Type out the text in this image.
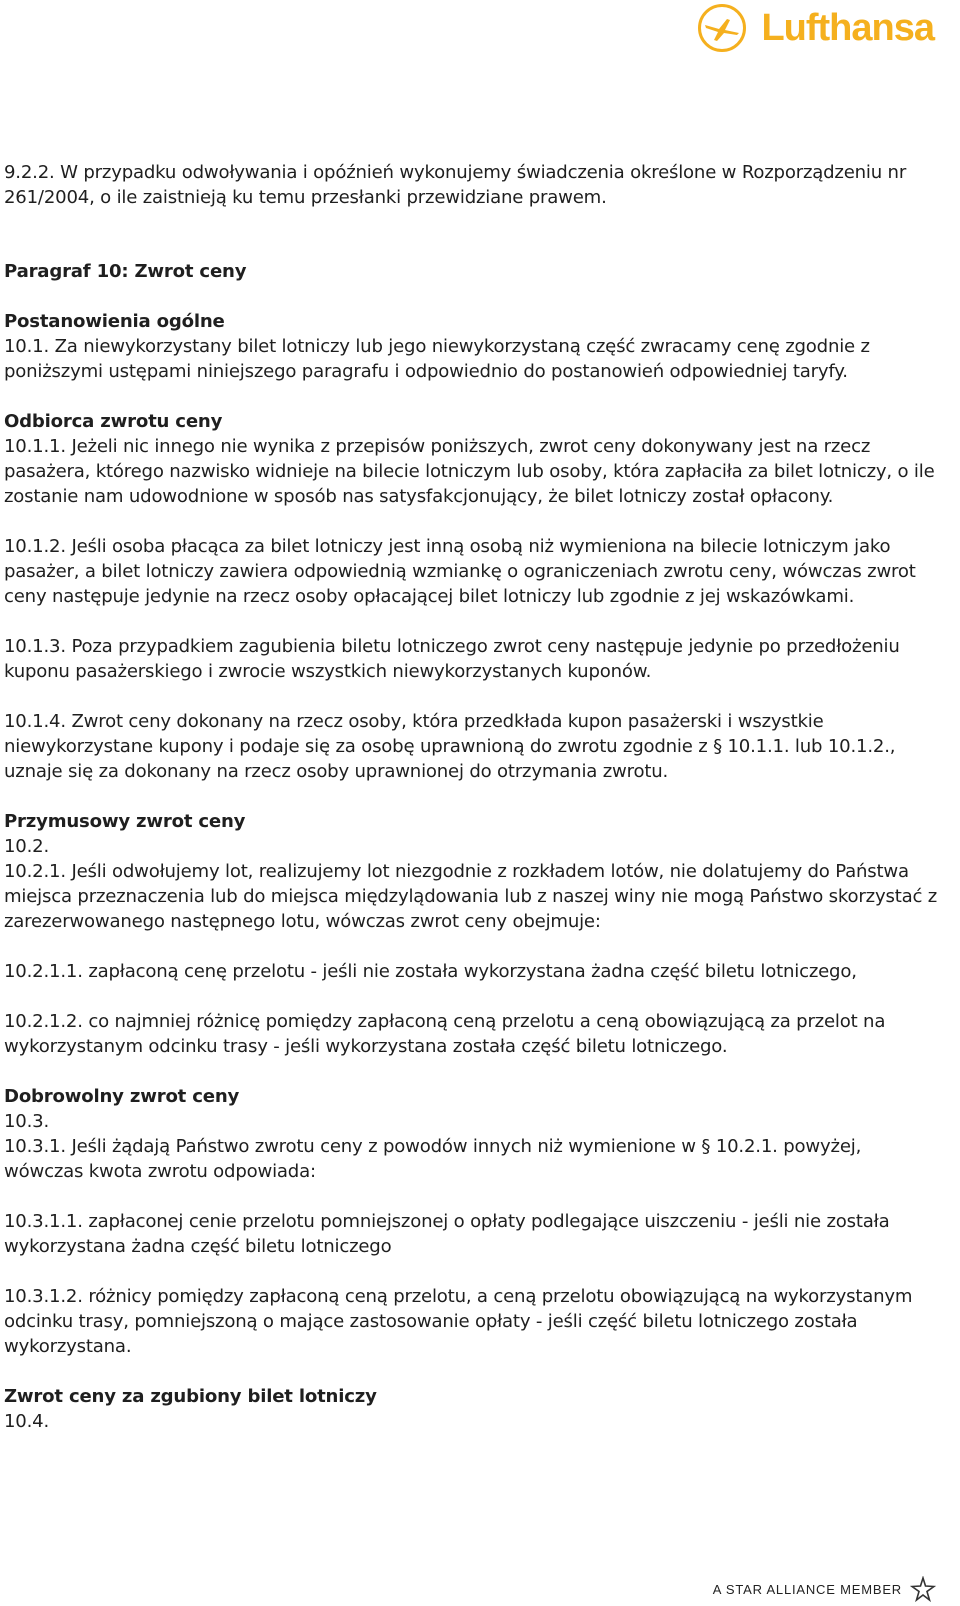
Lufthansa

9.2.2. W przypadku odwoływania i opóźnień wykonujemy świadczenia określone w Rozporządzeniu nr 261/2004, o ile zaistnieją ku temu przesłanki przewidziane prawem.

Paragraf 10: Zwrot ceny

Postanowienia ogólne

10.1. Za niewykorzystany bilet lotniczy lub jego niewykorzystaną część zwracamy cenę zgodnie z poniższymi ustępami niniejszego paragrafu i odpowiednio do postanowień odpowiedniej taryfy.

Odbiorca zwrotu ceny

10.1.1. Jeżeli nic innego nie wynika z przepisów poniższych, zwrot ceny dokonywany jest na rzecz pasażera, którego nazwisko widnieje na bilecie lotniczym lub osoby, która zapłaciła za bilet lotniczy, o ile zostanie nam udowodnione w sposób nas satysfakcjonujący, że bilet lotniczy został opłacony.

10.1.2. Jeśli osoba płacąca za bilet lotniczy jest inną osobą niż wymieniona na bilecie lotniczym jako pasażer, a bilet lotniczy zawiera odpowiednią wzmiankę o ograniczeniach zwrotu ceny, wówczas zwrot ceny następuje jedynie na rzecz osoby opłacającej bilet lotniczy lub zgodnie z jej wskazówkami.

10.1.3. Poza przypadkiem zagubienia biletu lotniczego zwrot ceny następuje jedynie po przedłożeniu kuponu pasażerskiego i zwrocie wszystkich niewykorzystanych kuponów.

10.1.4. Zwrot ceny dokonany na rzecz osoby, która przedkłada kupon pasażerski i wszystkie niewykorzystane kupony i podaje się za osobę uprawnioną do zwrotu zgodnie z § 10.1.1. lub 10.1.2., uznaje się za dokonany na rzecz osoby uprawnionej do otrzymania zwrotu.

Przymusowy zwrot ceny

10.2.

10.2.1. Jeśli odwołujemy lot, realizujemy lot niezgodnie z rozkładem lotów, nie dolatujemy do Państwa miejsca przeznaczenia lub do miejsca międzylądowania lub z naszej winy nie mogą Państwo skorzystać z zarezerwowanego następnego lotu, wówczas zwrot ceny obejmuje:

10.2.1.1. zapłaconą cenę przelotu - jeśli nie została wykorzystana żadna część biletu lotniczego,

10.2.1.2. co najmniej różnicę pomiędzy zapłaconą ceną przelotu a ceną obowiązującą za przelot na wykorzystanym odcinku trasy - jeśli wykorzystana została część biletu lotniczego.

Dobrowolny zwrot ceny

10.3.

10.3.1. Jeśli żądają Państwo zwrotu ceny z powodów innych niż wymienione w § 10.2.1. powyżej, wówczas kwota zwrotu odpowiada:

10.3.1.1. zapłaconej cenie przelotu pomniejszonej o opłaty podlegające uiszczeniu - jeśli nie została wykorzystana żadna część biletu lotniczego

10.3.1.2. różnicy pomiędzy zapłaconą ceną przelotu, a ceną przelotu obowiązującą na wykorzystanym odcinku trasy, pomniejszoną o mające zastosowanie opłaty - jeśli część biletu lotniczego została wykorzystana.

Zwrot ceny za zgubiony bilet lotniczy

10.4.

A STAR ALLIANCE MEMBER
